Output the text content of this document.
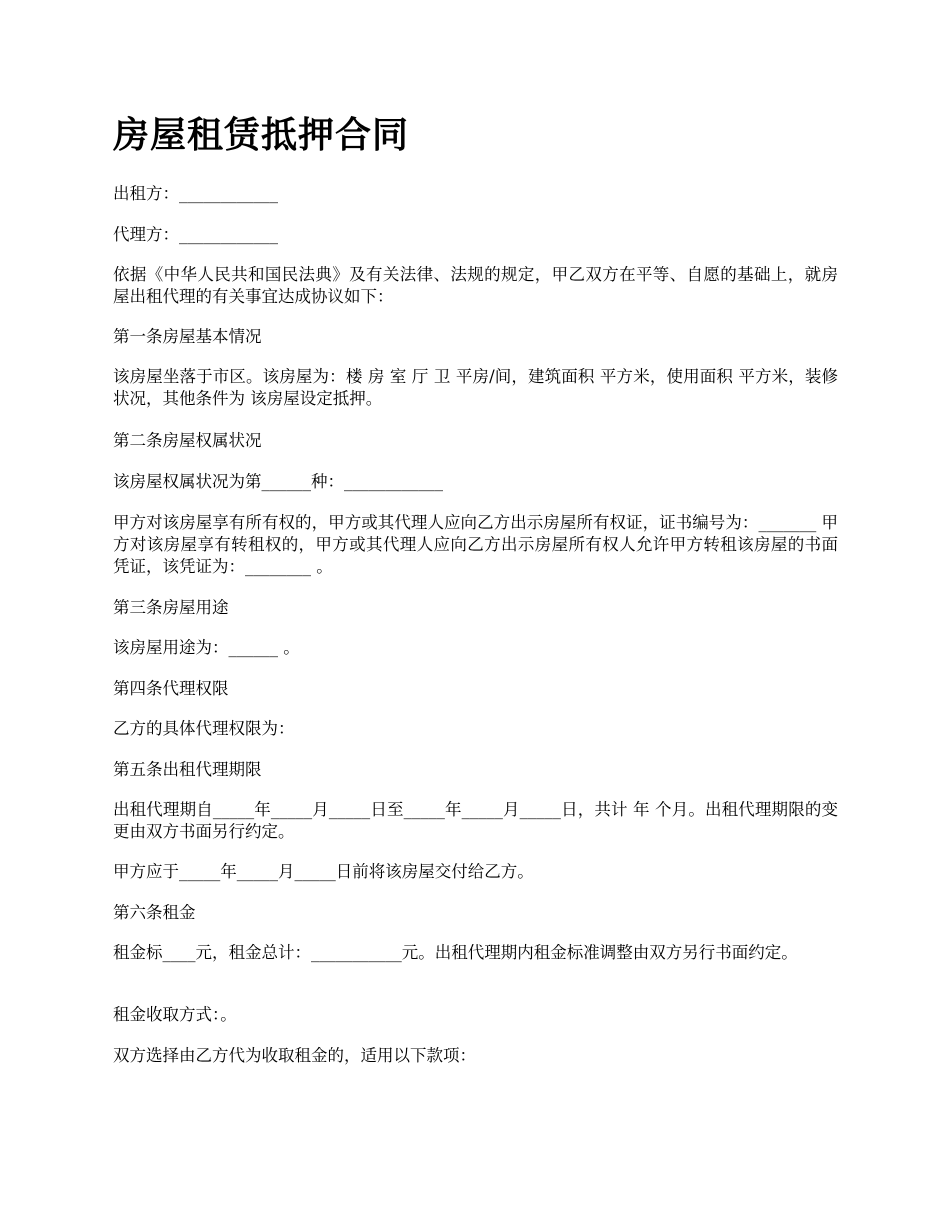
房屋租赁抵押合同

出租方：____________

代理方：____________

依据《中华人民共和国民法典》及有关法律、法规的规定，甲乙双方在平等、自愿的基础上，就房屋出租代理的有关事宜达成协议如下：

第一条房屋基本情况

该房屋坐落于市区。该房屋为：楼 房 室 厅 卫 平房/间，建筑面积 平方米，使用面积 平方米，装修状况，其他条件为 该房屋设定抵押。

第二条房屋权属状况

该房屋权属状况为第______种：____________

甲方对该房屋享有所有权的，甲方或其代理人应向乙方出示房屋所有权证，证书编号为：_______ 甲方对该房屋享有转租权的，甲方或其代理人应向乙方出示房屋所有权人允许甲方转租该房屋的书面凭证，该凭证为：________ 。

第三条房屋用途

该房屋用途为：______ 。

第四条代理权限

乙方的具体代理权限为：

第五条出租代理期限

出租代理期自_____年_____月_____日至_____年_____月_____日，共计 年 个月。出租代理期限的变更由双方书面另行约定。

甲方应于_____年_____月_____日前将该房屋交付给乙方。

第六条租金

租金标____元，租金总计：___________元。出租代理期内租金标准调整由双方另行书面约定。

租金收取方式：。

双方选择由乙方代为收取租金的，适用以下款项：
